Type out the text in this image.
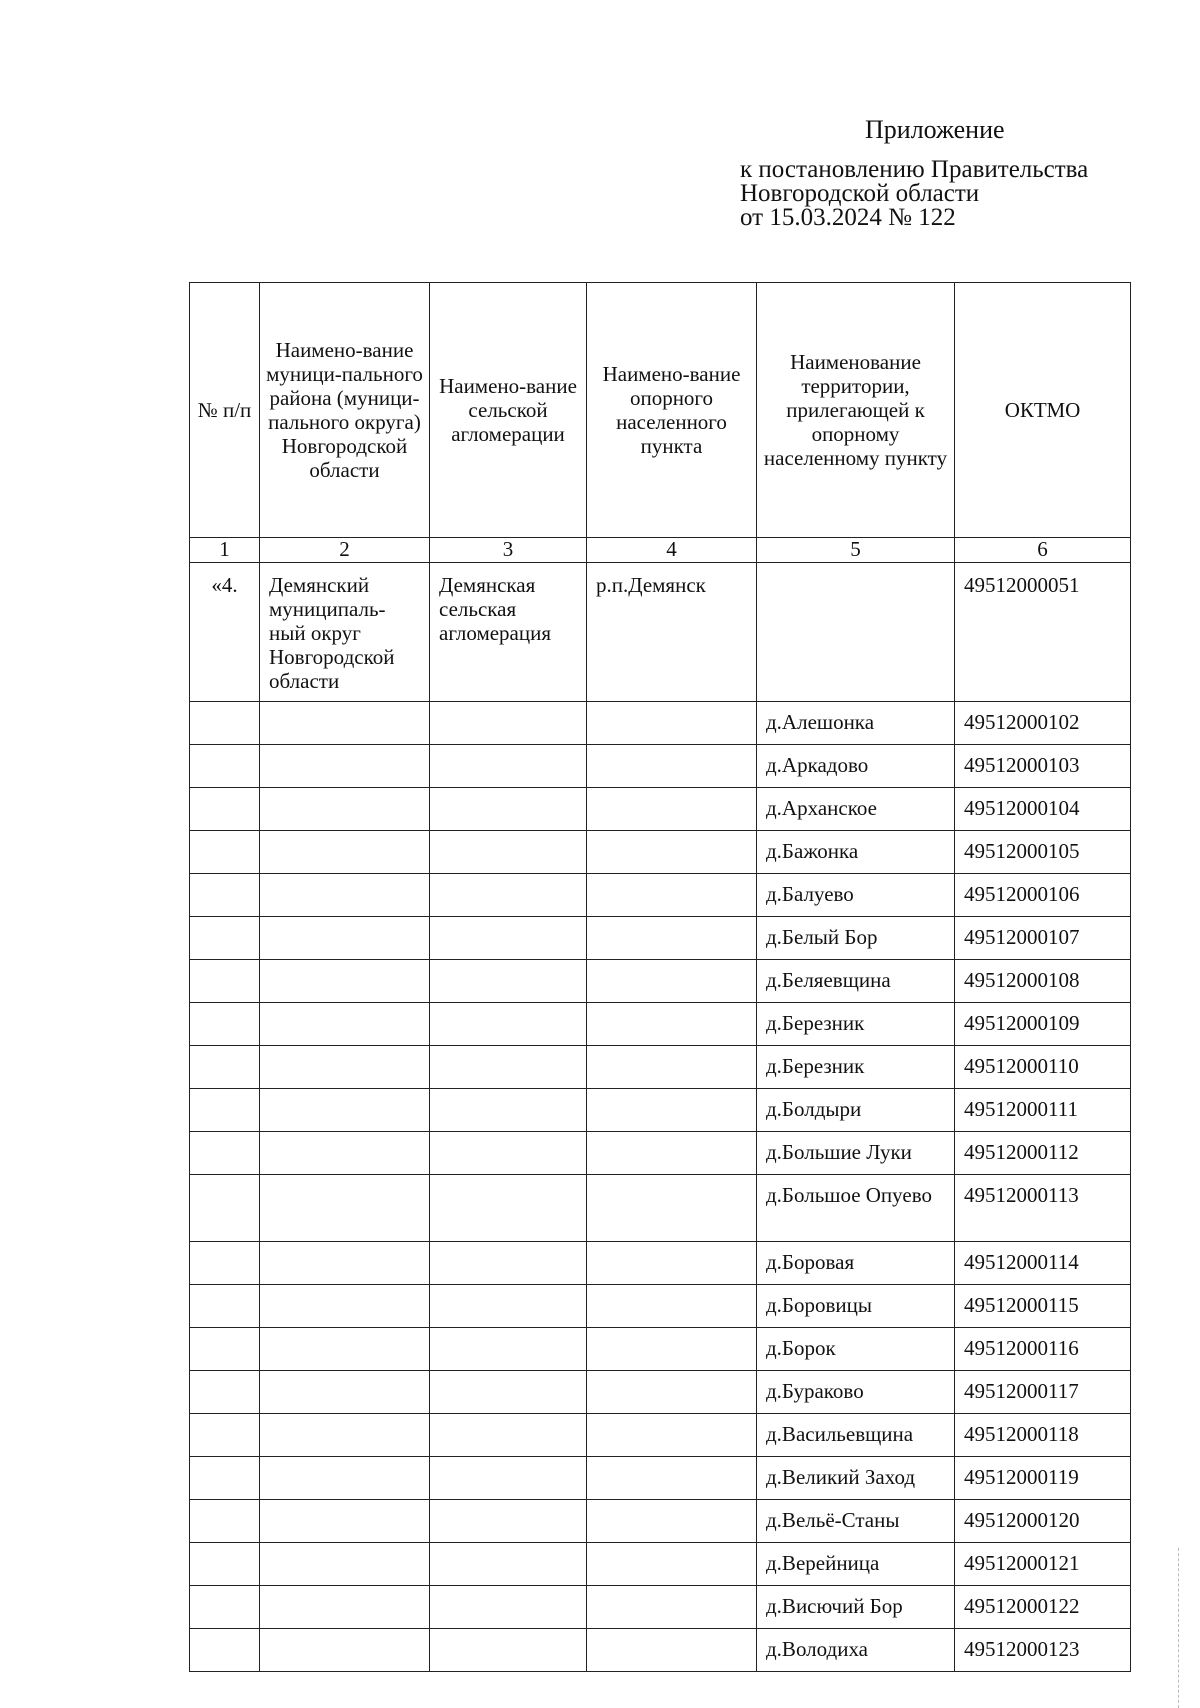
Приложение
к постановлению Правительства
Новгородской области
от 15.03.2024 № 122
№ п/п	Наимено-вание муници-пального района (муници-пального округа) Новгородской области	Наимено-вание сельской агломерации	Наимено-вание опорного населенного пункта	Наименование территории, прилегающей к опорному населенному пункту	ОКТМО
1	2	3	4	5	6
«4.	Демянский муниципаль-ный округ Новгородской области	Демянская сельская агломерация	р.п.Демянск		49512000051
				д.Алешонка	49512000102
				д.Аркадово	49512000103
				д.Арханское	49512000104
				д.Бажонка	49512000105
				д.Балуево	49512000106
				д.Белый Бор	49512000107
				д.Беляевщина	49512000108
				д.Березник	49512000109
				д.Березник	49512000110
				д.Болдыри	49512000111
				д.Большие Луки	49512000112
				д.Большое Опуево	49512000113
				д.Боровая	49512000114
				д.Боровицы	49512000115
				д.Борок	49512000116
				д.Бураково	49512000117
				д.Васильевщина	49512000118
				д.Великий Заход	49512000119
				д.Вельё-Станы	49512000120
				д.Верейница	49512000121
				д.Висючий Бор	49512000122
				д.Володиха	49512000123
